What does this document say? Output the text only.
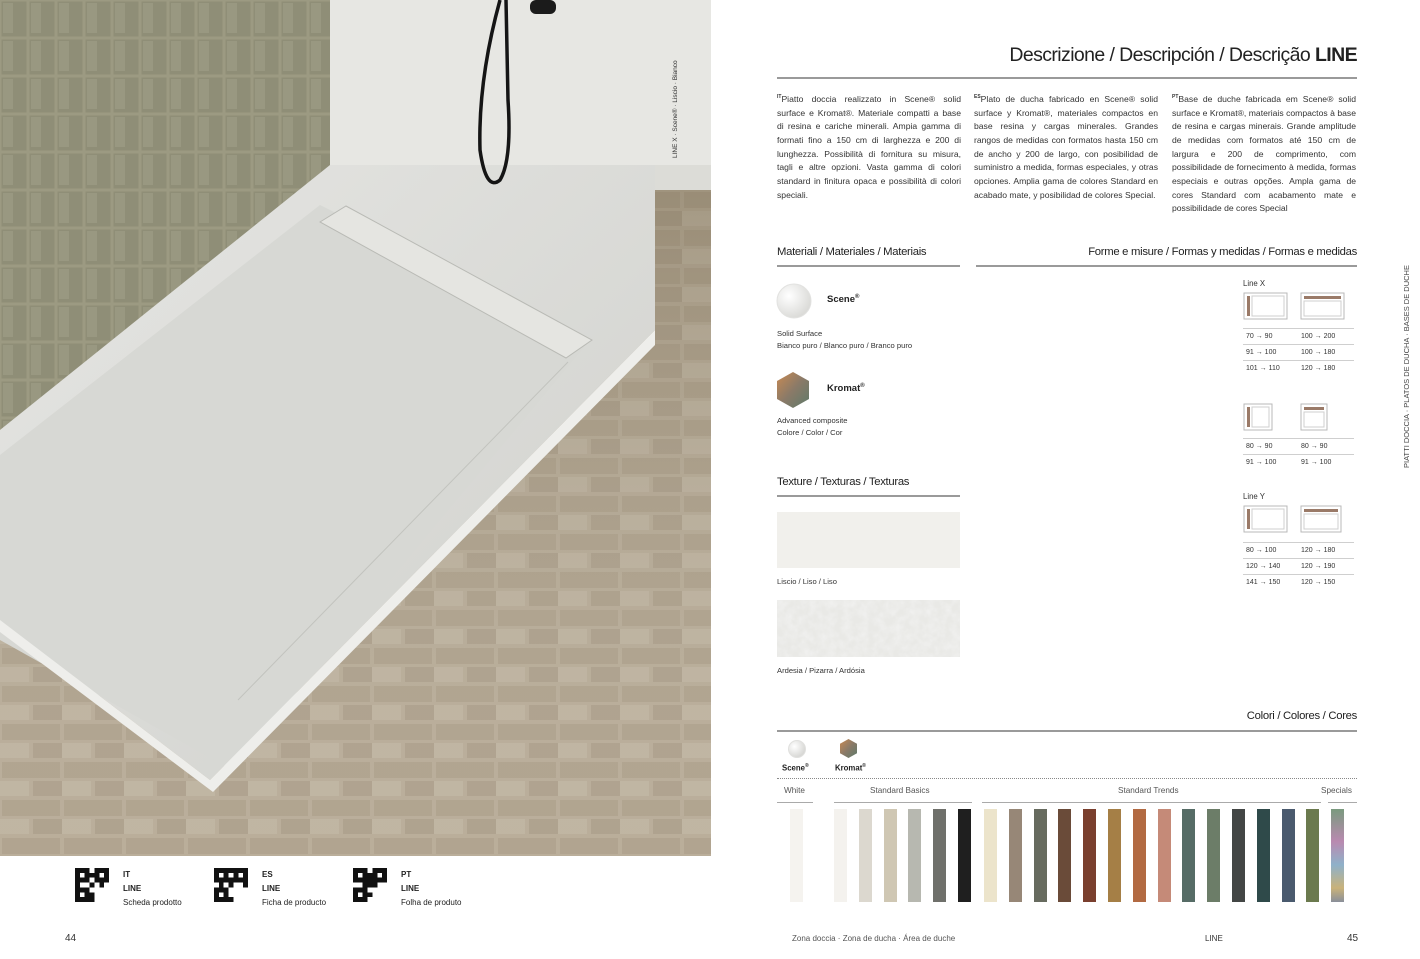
LINE X · Scene® · Liscio · Bianco
IT
LINE
Scheda prodotto
ES
LINE
Ficha de producto
PT
LINE
Folha de produto
44
Descrizione / Descripción / Descrição LINE
$^{IT}$Piatto doccia realizzato in Scene® solid surface e Kromat®. Materiale compatti a base di resina e cariche minerali. Ampia gamma di formati fino a 150 cm di larghezza e 200 di lunghezza. Possibilità di fornitura su misura, tagli e altre opzioni. Vasta gamma di colori standard in finitura opaca e possibilità di colori speciali.
$^{ES}$Plato de ducha fabricado en Scene® solid surface y Kromat®, materiales compactos en base resina y cargas minerales. Grandes rangos de medidas con formatos hasta 150 cm de ancho y 200 de largo, con posibilidad de suministro a medida, formas especiales, y otras opciones. Amplia gama de colores Standard en acabado mate, y posibilidad de colores Special.
$^{PT}$Base de duche fabricada em Scene® solid surface e Kromat®, materiais compactos à base de resina e cargas minerais. Grande amplitude de medidas com formatos até 150 cm de largura e 200 de comprimento, com possibilidade de fornecimento à medida, formas especiais e outras opções. Ampla gama de cores Standard com acabamento mate e possibilidade de cores Special
Materiali / Materiales / Materiais
Scene®
Solid Surface
Bianco puro / Blanco puro / Branco puro
Kromat®
Advanced composite
Colore / Color / Cor
Texture / Texturas / Texturas
Liscio / Liso / Liso
Ardesia / Pizarra / Ardósia
Forme e misure / Formas y medidas / Formas e medidas
Line X
70 → 90	100 → 200
91 → 100	100 → 180
101 → 110	120 → 180
80 → 90	80 → 90
91 → 100	91 → 100
Line Y
80 → 100	120 → 180
120 → 140	120 → 190
141 → 150	120 → 150
Colori / Colores / Cores
Scene®	Kromat®
White	Standard Basics	Standard Trends	Specials
PIATTI DOCCIA · PLATOS DE DUCHA · BASES DE DUCHE
Zona doccia · Zona de ducha · Área de duche	LINE	45
